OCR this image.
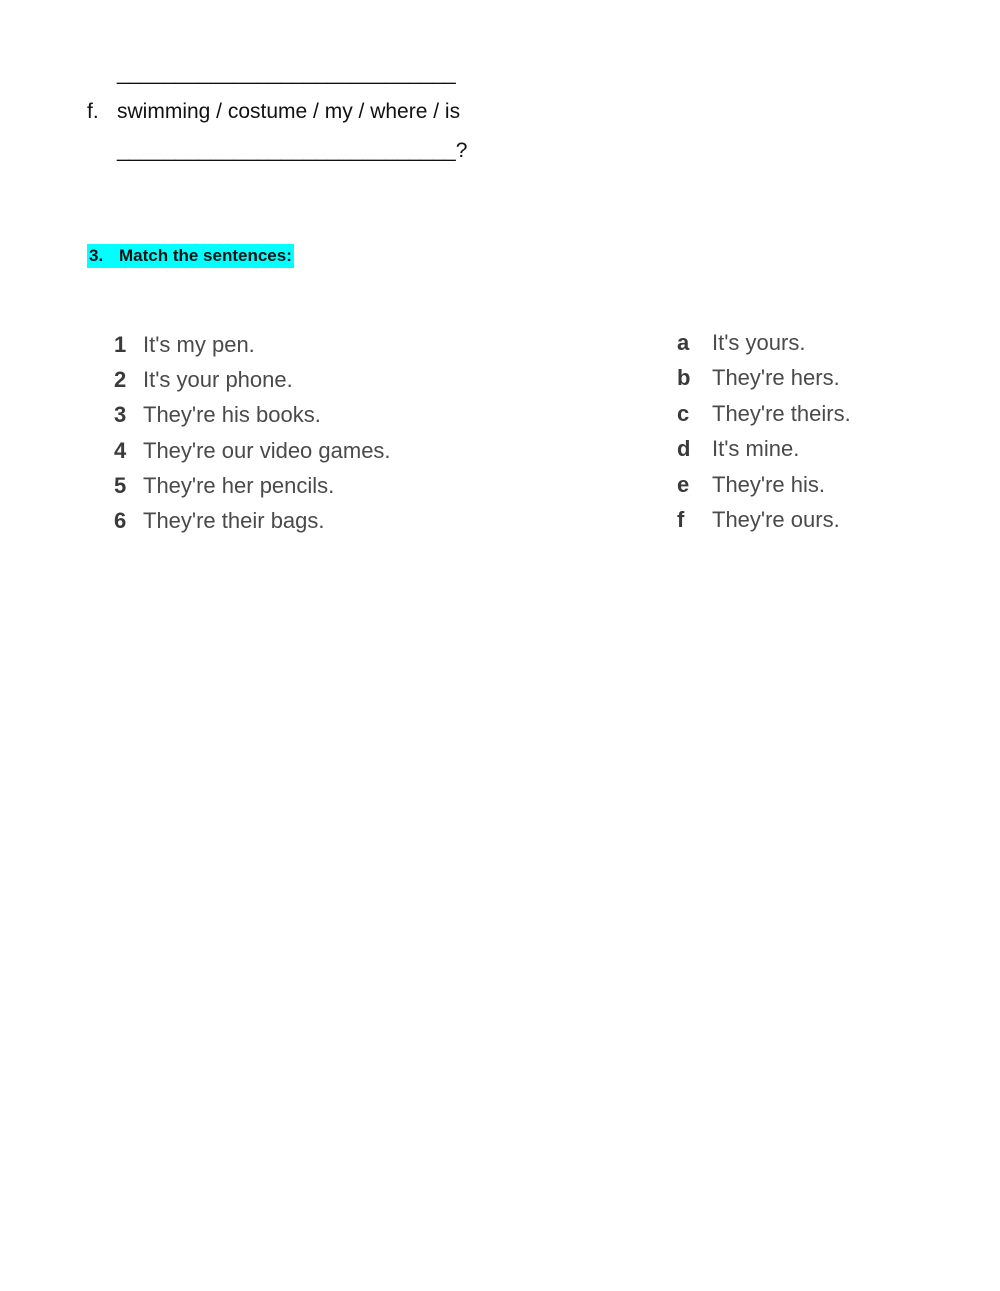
_____________________________
f. swimming / costume / my / where / is
_____________________________?
3. Match the sentences:
1 It's my pen.
2 It's your phone.
3 They're his books.
4 They're our video games.
5 They're her pencils.
6 They're their bags.
a It's yours.
b They're hers.
c They're theirs.
d It's mine.
e They're his.
f They're ours.
